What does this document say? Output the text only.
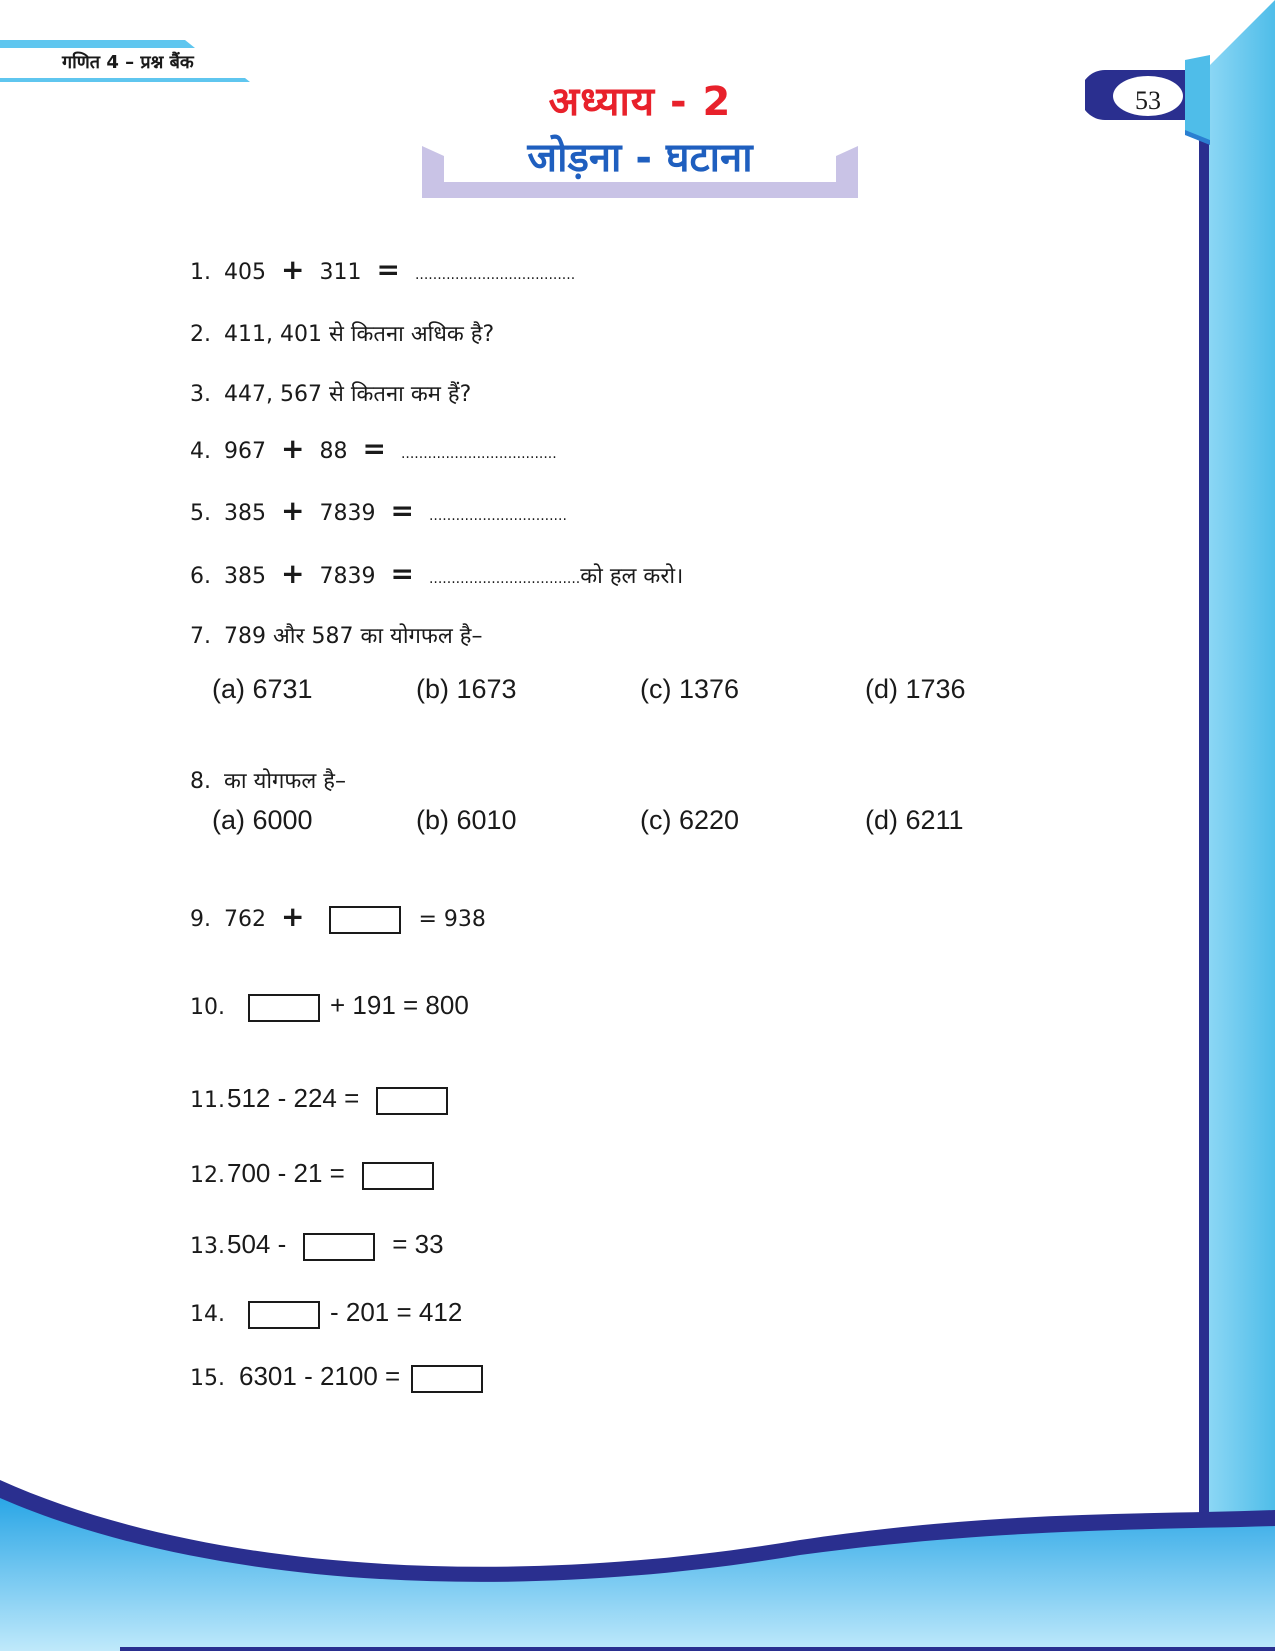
गणित 4 – प्रश्न बैंक
53
अध्याय - 2
जोड़ना - घटाना
1. 405 + 311 = ....................................
2. 411, 401 से कितना अधिक है?
3. 447, 567 से कितना कम हैं?
4. 967 + 88 = ...................................
5. 385 + 7839 = ...............................
6. 385 + 7839 = ..................................को हल करो।
7. 789 और 587 का योगफल है–
(a) 6731	(b) 1673	(c) 1376	(d) 1736
8. का योगफल है–
(a) 6000	(b) 6010	(c) 6220	(d) 6211
9. 762 +	= 938
10.	+ 191 = 800
11.512 - 224 =
12.700 - 21 =
13.504 -	= 33
14.	- 201 = 412
15. 6301 - 2100 =
